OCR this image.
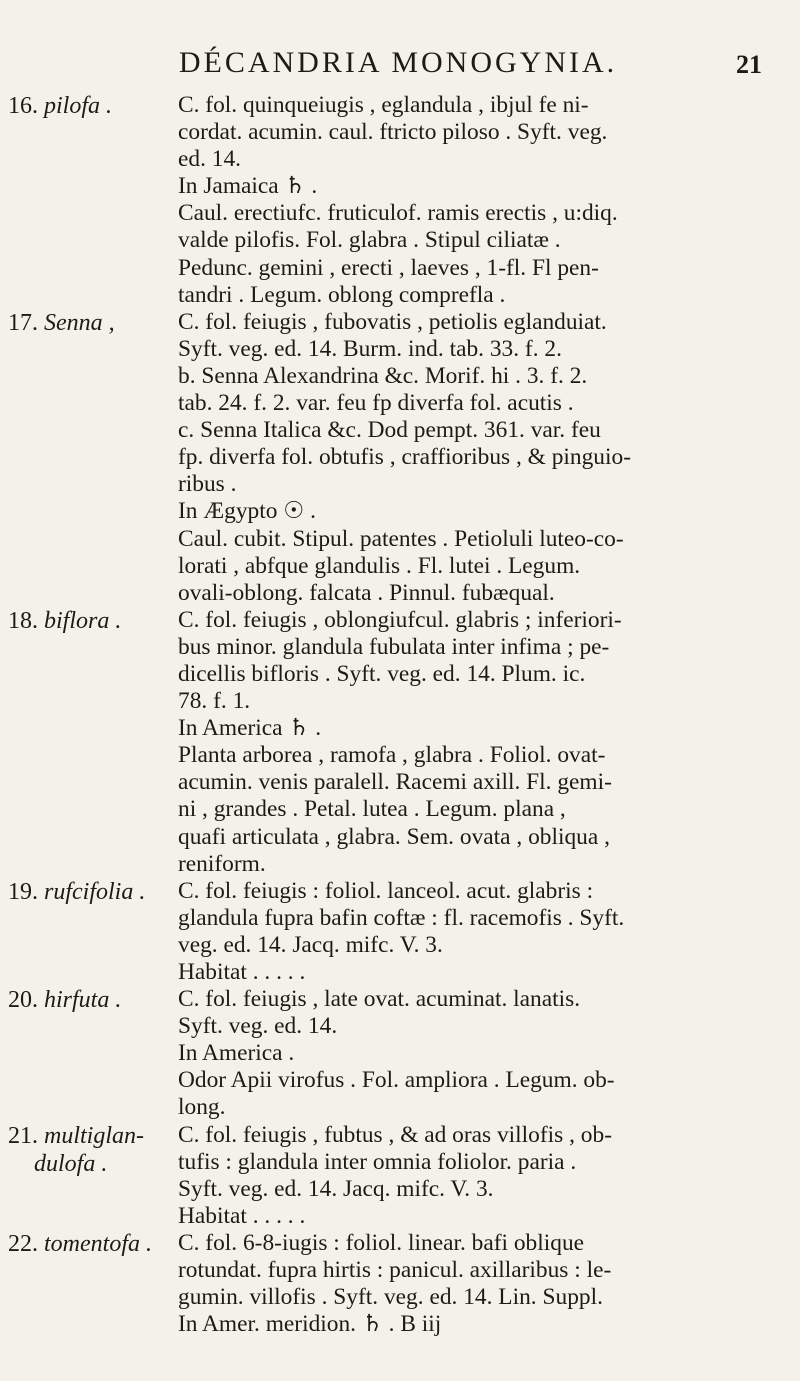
DÉCANDRIA MONOGYNIA.	21
16. pilofa .	C. fol. quinqueiugis , eglandula , ibjul fe ni-
cordat. acumin. caul. ftricto piloso . Syft. veg.
ed. 14.
In Jamaica ♄ .
Caul. erectiufc. fruticulof. ramis erectis , u:diq.
valde pilofis. Fol. glabra . Stipul ciliatæ .
Pedunc. gemini , erecti , laeves , 1-fl. Fl pen-
tandri . Legum. oblong comprefla .
17. Senna ,	C. fol. feiugis , fubovatis , petiolis eglanduiat.
Syft. veg. ed. 14. Burm. ind. tab. 33. f. 2.
b. Senna Alexandrina &c. Morif. hi . 3. f. 2.
tab. 24. f. 2. var. feu fp diverfa fol. acutis .
c. Senna Italica &c. Dod pempt. 361. var. feu
fp. diverfa fol. obtufis , craffioribus , & pinguio-
ribus .
In Ægypto ☉ .
Caul. cubit. Stipul. patentes . Petioluli luteo-co-
lorati , abfque glandulis . Fl. lutei . Legum.
ovali-oblong. falcata . Pinnul. fubæqual.
18. biflora .	C. fol. feiugis , oblongiufcul. glabris ; inferiori-
bus minor. glandula fubulata inter infima ; pe-
dicellis bifloris . Syft. veg. ed. 14. Plum. ic.
78. f. 1.
In America ♄ .
Planta arborea , ramofa , glabra . Foliol. ovat-
acumin. venis paralell. Racemi axill. Fl. gemi-
ni , grandes . Petal. lutea . Legum. plana ,
quafi articulata , glabra. Sem. ovata , obliqua ,
reniform.
19. rufcifolia .	C. fol. feiugis : foliol. lanceol. acut. glabris :
glandula fupra bafin coftæ : fl. racemofis . Syft.
veg. ed. 14. Jacq. mifc. V. 3.
Habitat . . . . .
20. hirfuta .	C. fol. feiugis , late ovat. acuminat. lanatis.
Syft. veg. ed. 14.
In America .
Odor Apii virofus . Fol. ampliora . Legum. ob-
long.
21. multiglan-
dulofa .
C. fol. feiugis , fubtus , & ad oras villofis , ob-
tufis : glandula inter omnia foliolor. paria .
Syft. veg. ed. 14. Jacq. mifc. V. 3.
Habitat . . . . .
22. tomentofa .	C. fol. 6-8-iugis : foliol. linear. bafi oblique
rotundat. fupra hirtis : panicul. axillaribus : le-
gumin. villofis . Syft. veg. ed. 14. Lin. Suppl.
In Amer. meridion. ♄ . B iij
